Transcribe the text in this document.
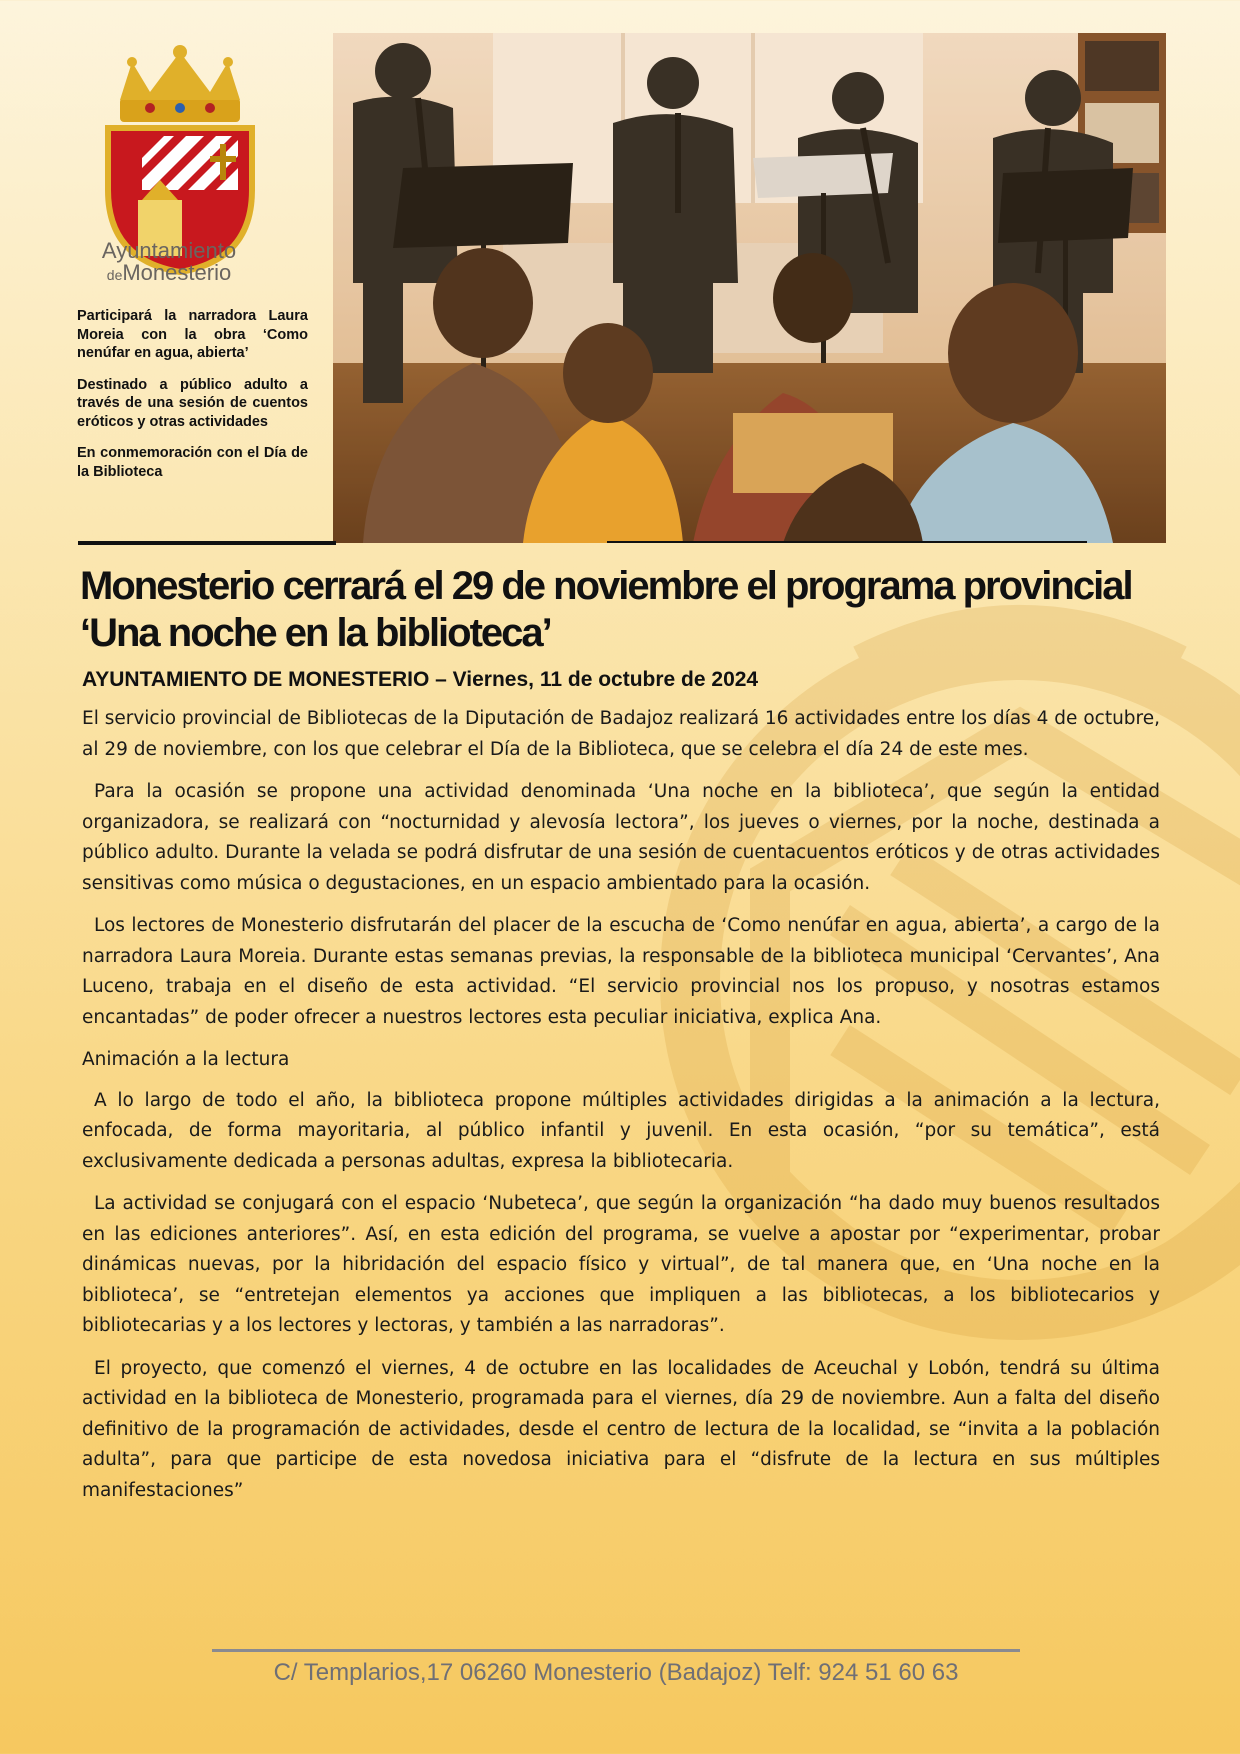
Ayuntamiento
deMonesterio

Participará la narradora Laura Moreia con la obra ‘Como nenúfar en agua, abierta’

Destinado a público adulto a través de una sesión de cuentos eróticos y otras actividades

En conmemoración con el Día de la Biblioteca

Monesterio cerrará el 29 de noviembre el programa provincial ‘Una noche en la biblioteca’

AYUNTAMIENTO DE MONESTERIO – Viernes, 11 de octubre de 2024

El servicio provincial de Bibliotecas de la Diputación de Badajoz realizará 16 actividades entre los días 4 de octubre, al 29 de noviembre, con los que celebrar el Día de la Biblioteca, que se celebra el día 24 de este mes.

Para la ocasión se propone una actividad denominada ‘Una noche en la biblioteca’, que según la entidad organizadora, se realizará con “nocturnidad y alevosía lectora”, los jueves o viernes, por la noche, destinada a público adulto. Durante la velada se podrá disfrutar de una sesión de cuentacuentos eróticos y de otras actividades sensitivas como música o degustaciones, en un espacio ambientado para la ocasión.

Los lectores de Monesterio disfrutarán del placer de la escucha de ‘Como nenúfar en agua, abierta’, a cargo de la narradora Laura Moreia. Durante estas semanas previas, la responsable de la biblioteca municipal ‘Cervantes’, Ana Luceno, trabaja en el diseño de esta actividad. “El servicio provincial nos los propuso, y nosotras estamos encantadas” de poder ofrecer a nuestros lectores esta peculiar iniciativa, explica Ana.

Animación a la lectura

A lo largo de todo el año, la biblioteca propone múltiples actividades dirigidas a la animación a la lectura, enfocada, de forma mayoritaria, al público infantil y juvenil. En esta ocasión, “por su temática”, está exclusivamente dedicada a personas adultas, expresa la bibliotecaria.

La actividad se conjugará con el espacio ‘Nubeteca’, que según la organización “ha dado muy buenos resultados en las ediciones anteriores”. Así, en esta edición del programa, se vuelve a apostar por “experimentar, probar dinámicas nuevas, por la hibridación del espacio físico y virtual”, de tal manera que, en ‘Una noche en la biblioteca’, se “entretejan elementos ya acciones que impliquen a las bibliotecas, a los bibliotecarios y bibliotecarias y a los lectores y lectoras, y también a las narradoras”.

El proyecto, que comenzó el viernes, 4 de octubre en las localidades de Aceuchal y Lobón, tendrá su última actividad en la biblioteca de Monesterio, programada para el viernes, día 29 de noviembre. Aun a falta del diseño definitivo de la programación de actividades, desde el centro de lectura de la localidad, se “invita a la población adulta”, para que participe de esta novedosa iniciativa para el “disfrute de la lectura en sus múltiples manifestaciones”

C/ Templarios,17 06260 Monesterio (Badajoz) Telf: 924 51 60 63
